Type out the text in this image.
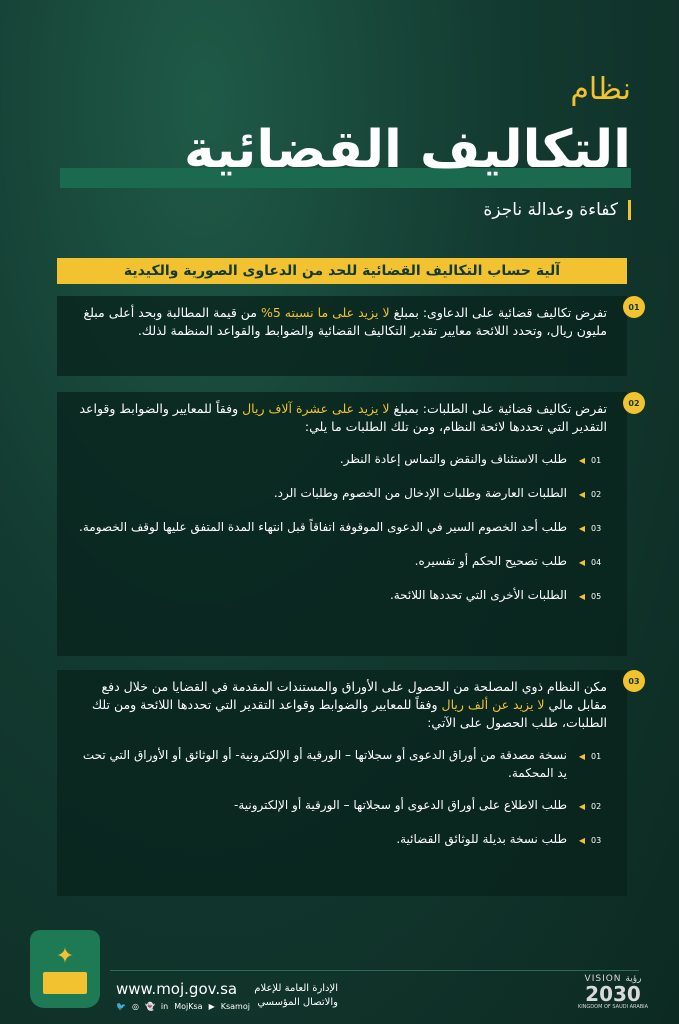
نظام
التكاليف القضائية
كفاءة وعدالة ناجزة
آلية حساب التكاليف القضائية للحد من الدعاوى الصورية والكيدية
01
تفرض تكاليف قضائية على الدعاوى: بمبلغ لا يزيد على ما نسبته 5% من قيمة المطالبة وبحد أعلى مبلغ مليون ريال، وتحدد اللائحة معايير تقدير التكاليف القضائية والضوابط والقواعد المنظمة لذلك.
02
تفرض تكاليف قضائية على الطلبات: بمبلغ لا يزيد على عشرة آلاف ريال وفقاً للمعايير والضوابط وقواعد التقدير التي تحددها لائحة النظام، ومن تلك الطلبات ما يلي:
01
◀
طلب الاستئناف والنقض والتماس إعادة النظر.
02
◀
الطلبات العارضة وطلبات الإدخال من الخصوم وطلبات الرد.
03
◀
طلب أحد الخصوم السير في الدعوى الموقوفة اتفاقاً قبل انتهاء المدة المتفق عليها لوقف الخصومة.
04
◀
طلب تصحيح الحكم أو تفسيره.
05
◀
الطلبات الأخرى التي تحددها اللائحة.
03
مكن النظام ذوي المصلحة من الحصول على الأوراق والمستندات المقدمة في القضايا من خلال دفع مقابل مالي لا يزيد عن ألف ريال وفقاً للمعايير والضوابط وقواعد التقدير التي تحددها اللائحة ومن تلك الطلبات، طلب الحصول على الآتي:
01
◀
نسخة مصدقة من أوراق الدعوى أو سجلاتها – الورقية أو الإلكترونية- أو الوثائق أو الأوراق التي تحت يد المحكمة.
02
◀
طلب الاطلاع على أوراق الدعوى أو سجلاتها – الورقية أو الإلكترونية-
03
◀
طلب نسخة بديلة للوثائق القضائية.
✦
www.moj.gov.sa
🐦 ◎ 👻 in MojKsa ▶ Ksamoj
الإدارة العامة للإعلام
والاتصال المؤسسي
VISION رؤية
2030
KINGDOM OF SAUDI ARABIA
